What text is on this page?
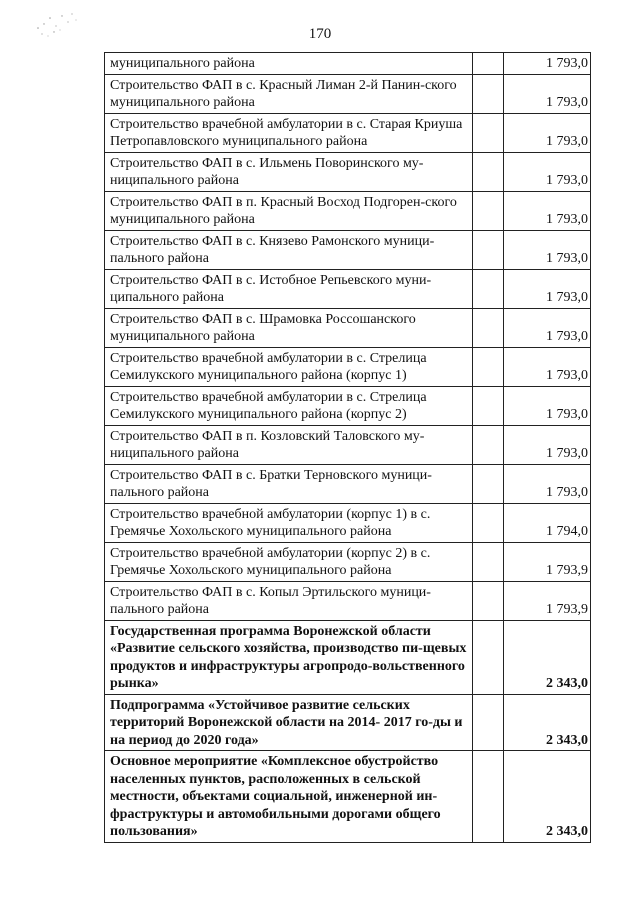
170
муниципального района		1 793,0
Строительство ФАП в с. Красный Лиман 2-й Панин-ского муниципального района		1 793,0
Строительство врачебной амбулатории в с. Старая Криуша Петропавловского муниципального района		1 793,0
Строительство ФАП в с. Ильмень Поворинского му-ниципального района		1 793,0
Строительство ФАП в п. Красный Восход Подгорен-ского муниципального района		1 793,0
Строительство ФАП в с. Князево Рамонского муници-пального района		1 793,0
Строительство ФАП в с. Истобное Репьевского муни-ципального района		1 793,0
Строительство ФАП в с. Шрамовка Россошанского муниципального района		1 793,0
Строительство врачебной амбулатории в с. Стрелица Семилукского муниципального района (корпус 1)		1 793,0
Строительство врачебной амбулатории в с. Стрелица Семилукского муниципального района (корпус 2)		1 793,0
Строительство ФАП в п. Козловский Таловского му-ниципального района		1 793,0
Строительство ФАП в с. Братки Терновского муници-пального района		1 793,0
Строительство врачебной амбулатории (корпус 1) в с. Гремячье Хохольского муниципального района		1 794,0
Строительство врачебной амбулатории (корпус 2) в с. Гремячье Хохольского муниципального района		1 793,9
Строительство ФАП в с. Копыл Эртильского муници-пального района		1 793,9
Государственная программа Воронежской области «Развитие сельского хозяйства, производство пи-щевых продуктов и инфраструктуры агропродо-вольственного рынка»		2 343,0
Подпрограмма «Устойчивое развитие сельских территорий Воронежской области на 2014- 2017 го-ды и на период до 2020 года»		2 343,0
Основное мероприятие «Комплексное обустройство населенных пунктов, расположенных в сельской местности, объектами социальной, инженерной ин-фраструктуры и автомобильными дорогами общего пользования»		2 343,0
